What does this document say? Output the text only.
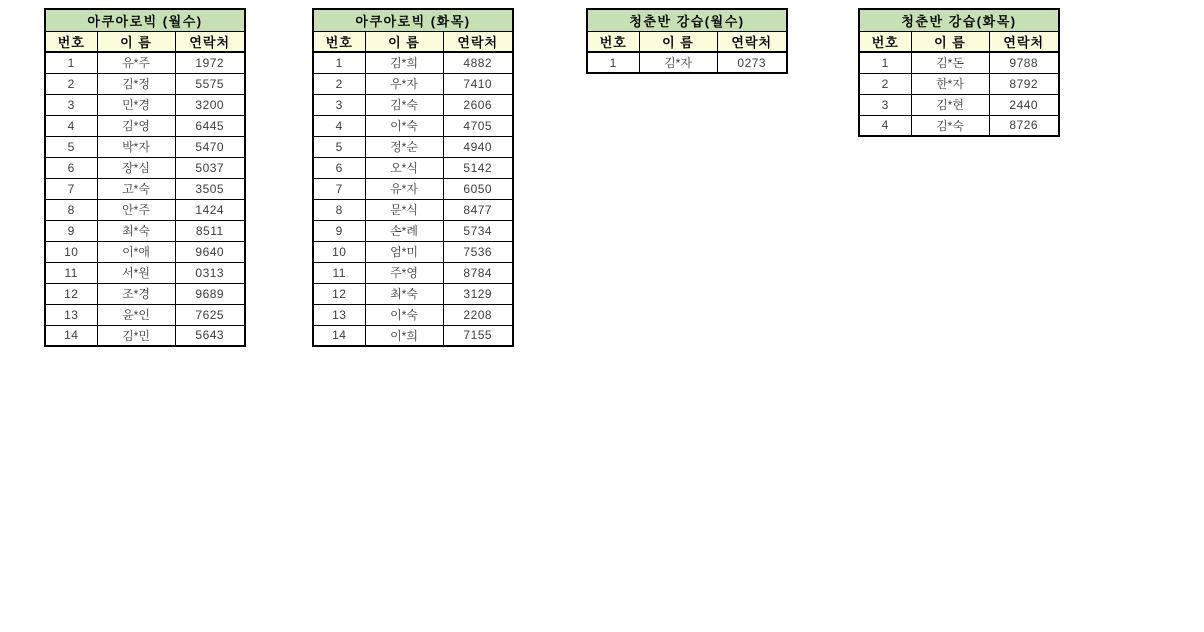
아쿠아로빅 (월수)		
번호	이 름	연락처
1	유*주	1972
2	김*정	5575
3	민*경	3200
4	김*영	6445
5	박*자	5470
6	장*심	5037
7	고*숙	3505
8	안*주	1424
9	최*숙	8511
10	이*애	9640
11	서*원	0313
12	조*경	9689
13	윤*인	7625
14	김*민	5643
아쿠아로빅 (화목)		
번호	이 름	연락처
1	김*희	4882
2	우*자	7410
3	김*숙	2606
4	이*숙	4705
5	정*순	4940
6	오*식	5142
7	유*자	6050
8	문*식	8477
9	손*례	5734
10	엄*미	7536
11	주*영	8784
12	최*숙	3129
13	이*숙	2208
14	이*희	7155
청춘반 강습(월수)		
번호	이 름	연락처
1	김*자	0273
청춘반 강습(화목)		
번호	이 름	연락처
1	김*돈	9788
2	한*자	8792
3	김*현	2440
4	김*숙	8726
